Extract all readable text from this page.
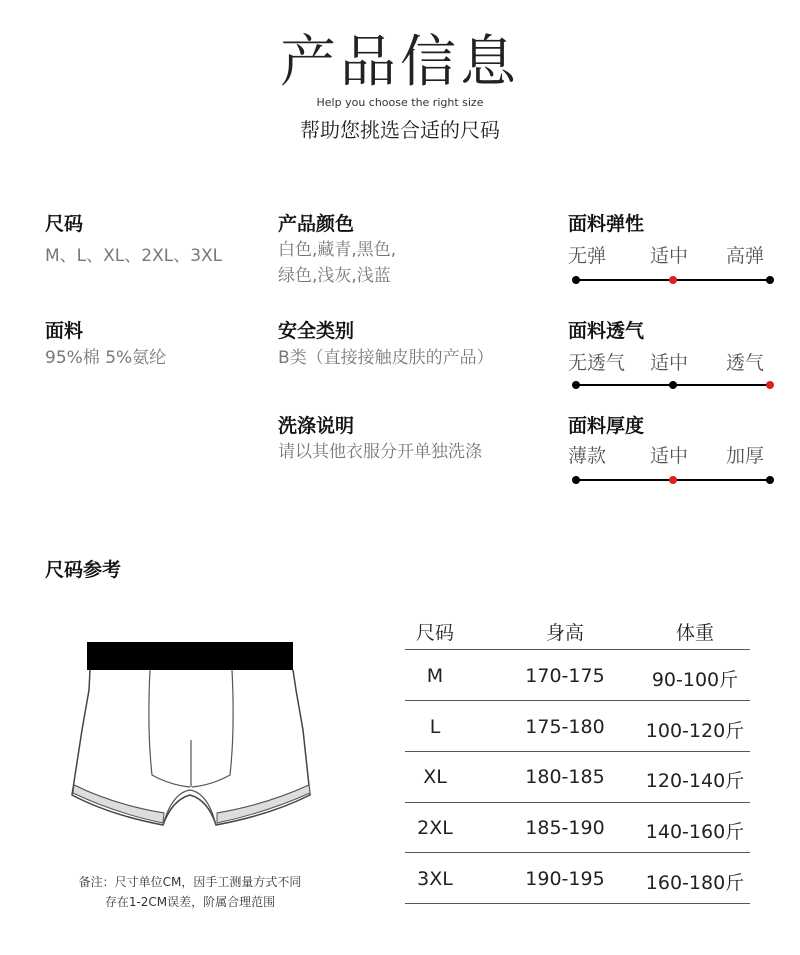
产品信息
Help you choose the right size
帮助您挑选合适的尺码
尺码
M、L、XL、2XL、3XL
面料
95%棉 5%氨纶
产品颜色
白色,藏青,黑色,
绿色,浅灰,浅蓝
安全类别
B类（直接接触皮肤的产品）
洗涤说明
请以其他衣服分开单独洗涤
面料弹性
无弹 适中 高弹
面料透气
无透气 适中 透气
面料厚度
薄款 适中 加厚
尺码参考
备注：尺寸单位CM，因手工测量方式不同
存在1-2CM误差，阶属合理范围
尺码	身高	体重
M	170-175	90-100斤
L	175-180	100-120斤
XL	180-185	120-140斤
2XL	185-190	140-160斤
3XL	190-195	160-180斤
